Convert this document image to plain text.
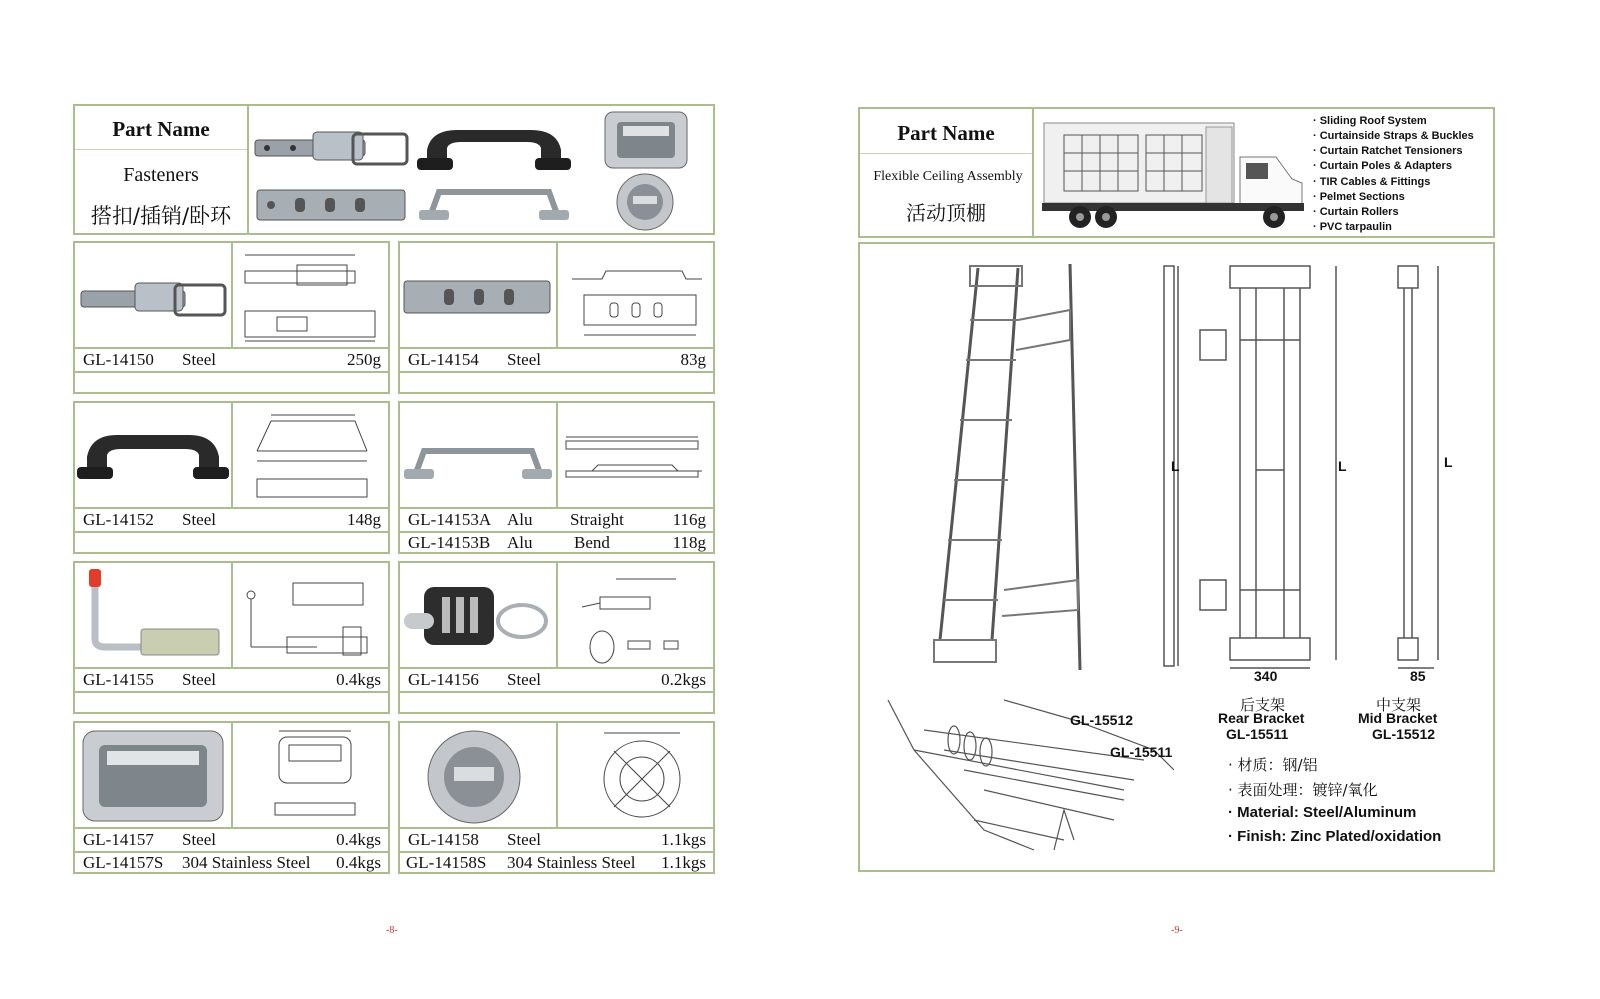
Part Name
Fasteners
搭扣/插销/卧环
GL-14150 Steel	250g GL-14154 Steel	83g
GL-14152 Steel	148g GL-14153A Alu Straight	116g
GL-14153B Alu Bend	118g
GL-14155 Steel	0.4kgs GL-14156 Steel	0.2kgs
GL-14157 Steel	0.4kgs
GL-14157S 304 Stainless Steel 0.4kgs
GL-14158 Steel	1.1kgs
GL-14158S 304 Stainless Steel 1.1kgs
-8-
Part Name
Flexible Ceiling Assembly
活动顶棚
· Sliding Roof System
· Curtainside Straps & Buckles
· Curtain Ratchet Tensioners
· Curtain Poles & Adapters
· TIR Cables & Fittings
· Pelmet Sections
· Curtain Rollers
· PVC tarpaulin
L	L
340
L
85
后支架
Rear Bracket
GL-15511
中支架
Mid Bracket
GL-15512
GL-15512
GL-15511
· 材质：钢/铝
· 表面处理：镀锌/氧化
· Material: Steel/Aluminum
· Finish: Zinc Plated/oxidation
-9-
